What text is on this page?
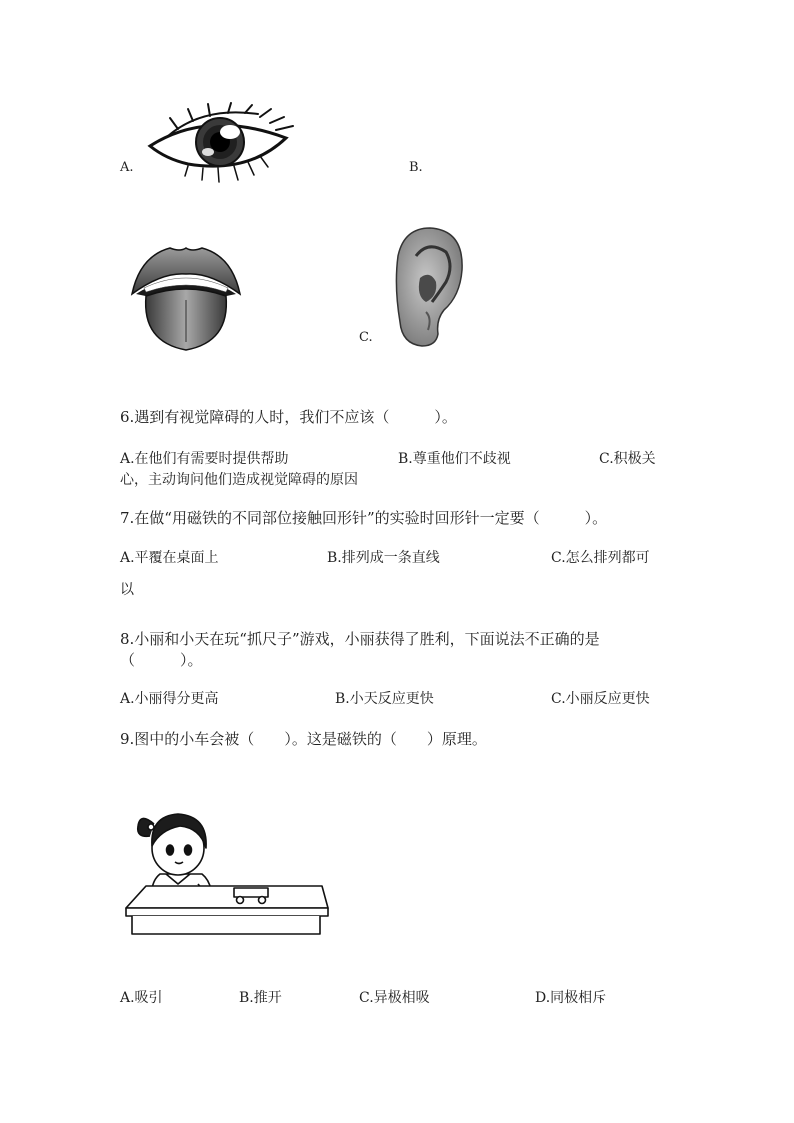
A.	B.
C.
6.遇到有视觉障碍的人时，我们不应该（　　　）。
A.在他们有需要时提供帮助	B.尊重他们不歧视	C.积极关
心，主动询问他们造成视觉障碍的原因
7.在做“用磁铁的不同部位接触回形针”的实验时回形针一定要（　　　）。
A.平覆在桌面上	B.排列成一条直线	C.怎么排列都可
以
8.小丽和小天在玩“抓尺子”游戏，小丽获得了胜利，下面说法不正确的是
（　　　）。
A.小丽得分更高	B.小天反应更快	C.小丽反应更快
9.图中的小车会被（　　）。这是磁铁的（　　）原理。
A.吸引	B.推开	C.异极相吸	D.同极相斥
